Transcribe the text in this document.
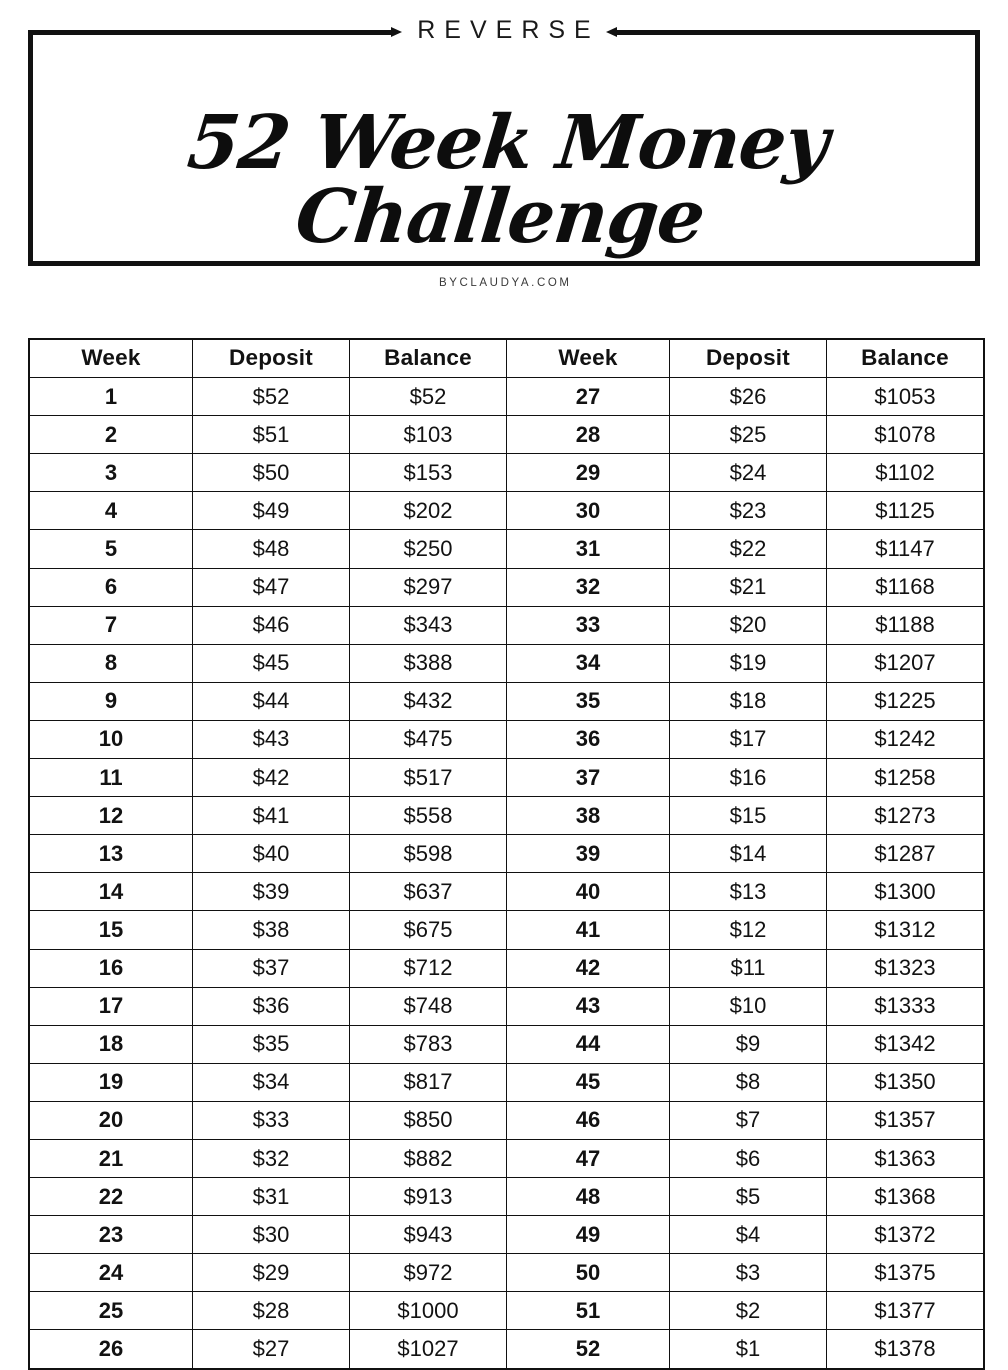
REVERSE
52 Week Money Challenge
BYCLAUDYA.COM
Week	Deposit	Balance	Week	Deposit	Balance
1	$52	$52	27	$26	$1053
2	$51	$103	28	$25	$1078
3	$50	$153	29	$24	$1102
4	$49	$202	30	$23	$1125
5	$48	$250	31	$22	$1147
6	$47	$297	32	$21	$1168
7	$46	$343	33	$20	$1188
8	$45	$388	34	$19	$1207
9	$44	$432	35	$18	$1225
10	$43	$475	36	$17	$1242
11	$42	$517	37	$16	$1258
12	$41	$558	38	$15	$1273
13	$40	$598	39	$14	$1287
14	$39	$637	40	$13	$1300
15	$38	$675	41	$12	$1312
16	$37	$712	42	$11	$1323
17	$36	$748	43	$10	$1333
18	$35	$783	44	$9	$1342
19	$34	$817	45	$8	$1350
20	$33	$850	46	$7	$1357
21	$32	$882	47	$6	$1363
22	$31	$913	48	$5	$1368
23	$30	$943	49	$4	$1372
24	$29	$972	50	$3	$1375
25	$28	$1000	51	$2	$1377
26	$27	$1027	52	$1	$1378
